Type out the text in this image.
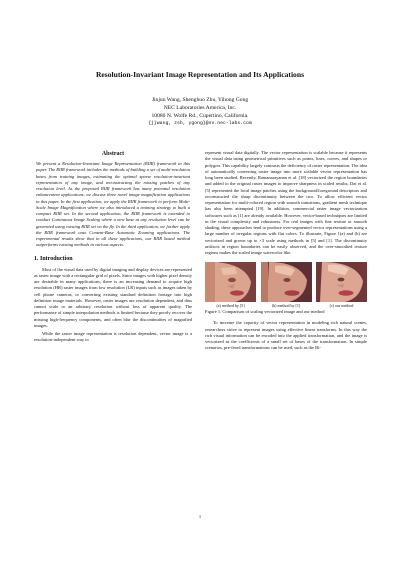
Resolution-Invariant Image Representation and Its Applications
Jinjun Wang, Shenghuo Zhu, Yihong Gong
NEC Laboratories America, Inc.
10080 N. Wolfe Rd., Cupertino, California.
{jjwang, zsh, ygong}@sv.nec-labs.com
Abstract
We present a Resolution-Invariant Image Representation (RIIR) framework in this paper. The RIIR framework includes the methods of building a set of multi-resolution bases from training images, estimating the optimal sparse resolution-invariant representation of any image, and reconstructing the missing patches of any resolution level. As the proposed RIIR framework has many potential resolution enhancement applications, we discuss three novel image magnification applications in this paper. In the first application, we apply the RIIR framework to perform Multi-Scale Image Magnification where we also introduced a training strategy to built a compact RIIR set. In the second application, the RIIR framework is extended to conduct Continuous Image Scaling where a new base at any resolution level can be generated using existing RIIR set on the fly. In the third application, we further apply the RIIR framework onto Content-Base Automatic Zooming applications. The experimental results show that in all these applications, our RIIR based method outperforms existing methods in various aspects.
1. Introduction

Most of the visual data used by digital imaging and display devices are represented as raster image with a rectangular grid of pixels. Since images with higher pixel density are desirable in many applications, there is an increasing demand to acquire high resolution (HR) raster images from low resolution (LR) inputs such as images taken by cell phone cameras, or converting existing standard definition footage into high definition image materials. However, raster images are resolution dependent, and thus cannot scale to an arbitrary resolution without loss of apparent quality. The performance of simple interpolation methods is limited because they poorly recover the missing high-frequency components, and often blur the discontinuities of magnified images.

While the raster image representation is resolution dependent, vector image is a resolution-independent way to

represent visual data digitally. The vector representation is scalable because it represents the visual data using geometrical primitives such as points, lines, curves, and shapes or polygon. This capability largely contrasts the deficiency of raster representation. The idea of automatically converting raster image into more scalable vector representation has long been studied. Recently, Ramanarayanan et al. [18] vectorized the region boundaries and added to the original raster images to improve sharpness in scaled results; Dai et al. [5] represented the local image patches using the background/foreground descriptors and reconstructed the sharp discontinuity between the two. To allow efficient vector representation for multi-colored region with smooth transitions, gradient mesh technique has also been attempted [19]. In addition, commercial raster image vectorization softwares such as [1] are already available. However, vector-based techniques are limited in the visual complexity and robustness. For real images with fine texture or smooth shading, these approaches tend to produce over-segmented vector representations using a large number of irregular regions with flat colors. To illustrate, Figure 1(a) and (b) are vectorized and grown up to ×3 scale using methods in [5] and [1]. The discontinuity artifacts in region boundaries can be easily observed, and the over-smoothed texture regions makes the scaled image watercolor like.

(a) method by [5]	(b) method by [1]	(c) our method
Figure 1. Comparison of scaling vectorized image and our method

To increase the capacity of vector representation in modeling rich natural scenes, researchers strive to represent images using effective linear transforms. In this way the rich visual information can be encoded into the applied transformation, and the image is vectorized as the coefficients of a small set of bases of the transformation. In simple scenarios, pre-fixed transformations can be used, such as the Bi-

1
